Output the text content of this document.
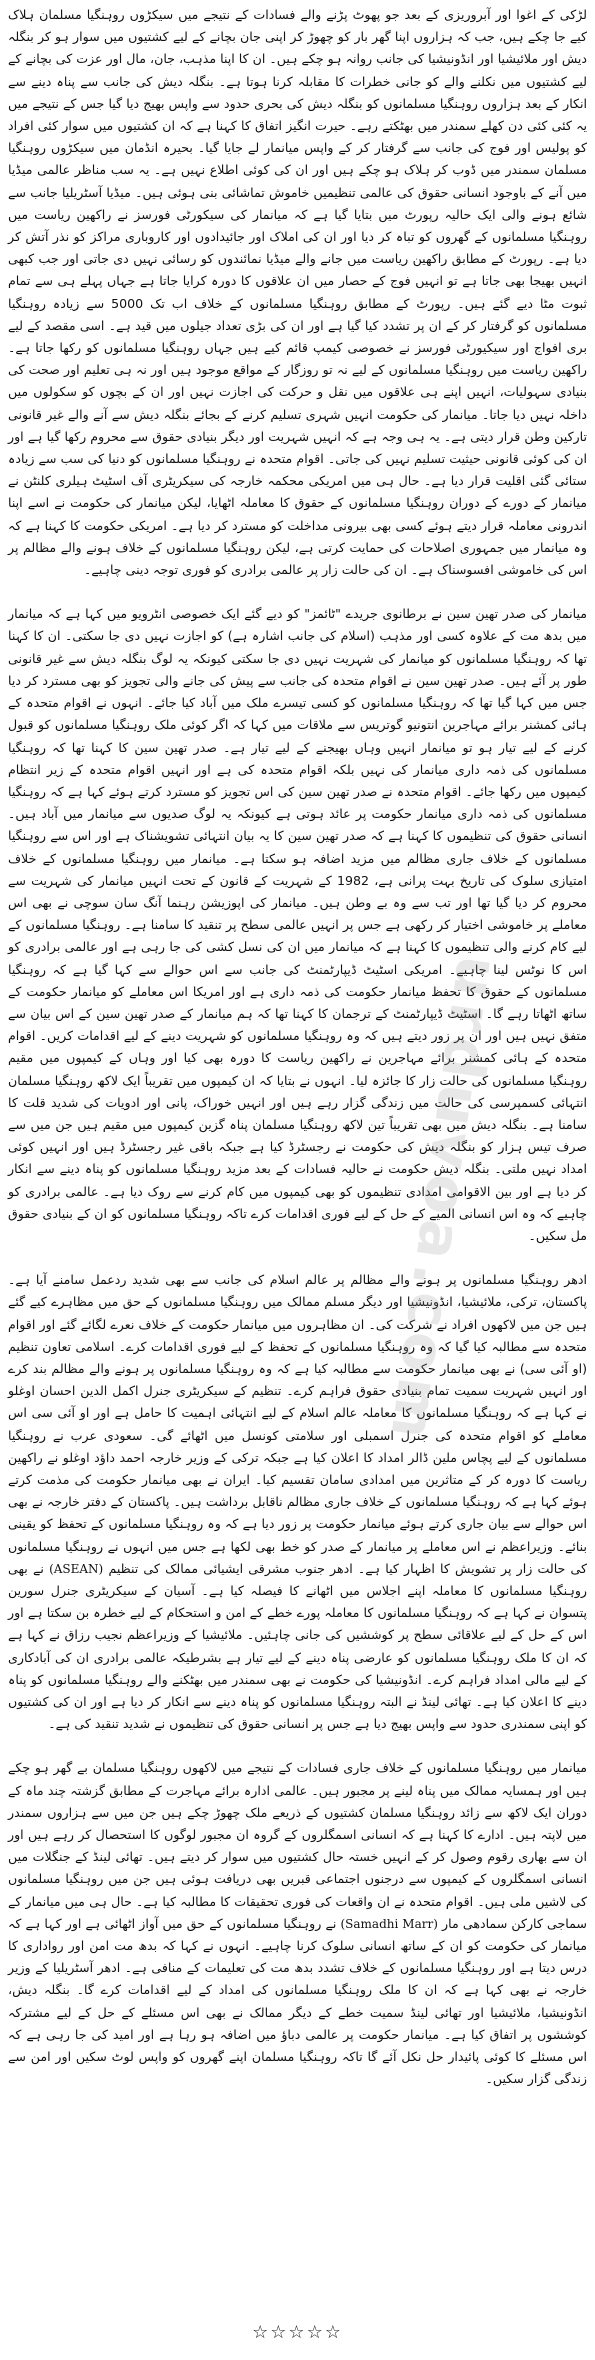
urduvoa.com

لڑکی کے اغوا اور آبروریزی کے بعد جو پھوٹ پڑنے والے فسادات کے نتیجے میں سیکڑوں روہنگیا مسلمان ہلاک کیے جا چکے ہیں، جب کہ ہزاروں اپنا گھر بار کو چھوڑ کر اپنی جان بچانے کے لیے کشتیوں میں سوار ہو کر بنگلہ دیش اور ملائیشیا اور انڈونیشیا کی جانب روانہ ہو چکے ہیں۔ ان کا اپنا مذہب، جان، مال اور عزت کی بچانے کے لیے کشتیوں میں نکلنے والے کو جانی خطرات کا مقابلہ کرنا ہوتا ہے۔ بنگلہ دیش کی جانب سے پناہ دینے سے انکار کے بعد ہزاروں روہنگیا مسلمانوں کو بنگلہ دیش کی بحری حدود سے واپس بھیج دیا گیا جس کے نتیجے میں یہ کئی کئی دن کھلے سمندر میں بھٹکتے رہے۔ حیرت انگیز اتفاق کا کہنا ہے کہ ان کشتیوں میں سوار کئی افراد کو پولیس اور فوج کی جانب سے گرفتار کر کے واپس میانمار لے جایا گیا۔ بحیرہ انڈمان میں سیکڑوں روہنگیا مسلمان سمندر میں ڈوب کر ہلاک ہو چکے ہیں اور ان کی کوئی اطلاع نہیں ہے۔ یہ سب مناظر عالمی میڈیا میں آنے کے باوجود انسانی حقوق کی عالمی تنظیمیں خاموش تماشائی بنی ہوئی ہیں۔ میڈیا آسٹریلیا جانب سے شائع ہونے والی ایک حالیہ رپورٹ میں بتایا گیا ہے کہ میانمار کی سیکورٹی فورسز نے راکھین ریاست میں روہنگیا مسلمانوں کے گھروں کو تباہ کر دیا اور ان کی املاک اور جائیدادوں اور کاروباری مراکز کو نذر آتش کر دیا ہے۔ رپورٹ کے مطابق راکھین ریاست میں جانے والے میڈیا نمائندوں کو رسائی نہیں دی جاتی اور جب کبھی انہیں بھیجا بھی جاتا ہے تو انہیں فوج کے حصار میں ان علاقوں کا دورہ کرایا جاتا ہے جہاں پہلے ہی سے تمام ثبوت مٹا دیے گئے ہیں۔ رپورٹ کے مطابق روہنگیا مسلمانوں کے خلاف اب تک 5000 سے زیادہ روہنگیا مسلمانوں کو گرفتار کر کے ان پر تشدد کیا گیا ہے اور ان کی بڑی تعداد جیلوں میں قید ہے۔ اسی مقصد کے لیے بری افواج اور سیکیورٹی فورسز نے خصوصی کیمپ قائم کیے ہیں جہاں روہنگیا مسلمانوں کو رکھا جاتا ہے۔ راکھین ریاست میں روہنگیا مسلمانوں کے لیے نہ تو روزگار کے مواقع موجود ہیں اور نہ ہی تعلیم اور صحت کی بنیادی سہولیات، انہیں اپنے ہی علاقوں میں نقل و حرکت کی اجازت نہیں اور ان کے بچوں کو سکولوں میں داخلہ نہیں دیا جاتا۔ میانمار کی حکومت انہیں شہری تسلیم کرنے کے بجائے بنگلہ دیش سے آنے والے غیر قانونی تارکین وطن قرار دیتی ہے۔ یہ ہی وجہ ہے کہ انہیں شہریت اور دیگر بنیادی حقوق سے محروم رکھا گیا ہے اور ان کی کوئی قانونی حیثیت تسلیم نہیں کی جاتی۔ اقوام متحدہ نے روہنگیا مسلمانوں کو دنیا کی سب سے زیادہ ستائی گئی اقلیت قرار دیا ہے۔ حال ہی میں امریکی محکمہ خارجہ کی سیکریٹری آف اسٹیٹ ہیلری کلنٹن نے میانمار کے دورے کے دوران روہنگیا مسلمانوں کے حقوق کا معاملہ اٹھایا، لیکن میانمار کی حکومت نے اسے اپنا اندرونی معاملہ قرار دیتے ہوئے کسی بھی بیرونی مداخلت کو مسترد کر دیا ہے۔ امریکی حکومت کا کہنا ہے کہ وہ میانمار میں جمہوری اصلاحات کی حمایت کرتی ہے، لیکن روہنگیا مسلمانوں کے خلاف ہونے والے مظالم پر اس کی خاموشی افسوسناک ہے۔ ان کی حالت زار پر عالمی برادری کو فوری توجہ دینی چاہیے۔

میانمار کی صدر تھین سین نے برطانوی جریدے "ٹائمز" کو دیے گئے ایک خصوصی انٹرویو میں کہا ہے کہ میانمار میں بدھ مت کے علاوہ کسی اور مذہب (اسلام کی جانب اشارہ ہے) کو اجازت نہیں دی جا سکتی۔ ان کا کہنا تھا کہ روہنگیا مسلمانوں کو میانمار کی شہریت نہیں دی جا سکتی کیونکہ یہ لوگ بنگلہ دیش سے غیر قانونی طور پر آئے ہیں۔ صدر تھین سین نے اقوام متحدہ کی جانب سے پیش کی جانے والی تجویز کو بھی مسترد کر دیا جس میں کہا گیا تھا کہ روہنگیا مسلمانوں کو کسی تیسرے ملک میں آباد کیا جائے۔ انہوں نے اقوام متحدہ کے ہائی کمشنر برائے مہاجرین انتونیو گوتریس سے ملاقات میں کہا کہ اگر کوئی ملک روہنگیا مسلمانوں کو قبول کرنے کے لیے تیار ہو تو میانمار انہیں وہاں بھیجنے کے لیے تیار ہے۔ صدر تھین سین کا کہنا تھا کہ روہنگیا مسلمانوں کی ذمہ داری میانمار کی نہیں بلکہ اقوام متحدہ کی ہے اور انہیں اقوام متحدہ کے زیر انتظام کیمپوں میں رکھا جائے۔ اقوام متحدہ نے صدر تھین سین کی اس تجویز کو مسترد کرتے ہوئے کہا ہے کہ روہنگیا مسلمانوں کی ذمہ داری میانمار حکومت پر عائد ہوتی ہے کیونکہ یہ لوگ صدیوں سے میانمار میں آباد ہیں۔ انسانی حقوق کی تنظیموں کا کہنا ہے کہ صدر تھین سین کا یہ بیان انتہائی تشویشناک ہے اور اس سے روہنگیا مسلمانوں کے خلاف جاری مظالم میں مزید اضافہ ہو سکتا ہے۔ میانمار میں روہنگیا مسلمانوں کے خلاف امتیازی سلوک کی تاریخ بہت پرانی ہے، 1982 کے شہریت کے قانون کے تحت انہیں میانمار کی شہریت سے محروم کر دیا گیا تھا اور تب سے وہ بے وطن ہیں۔ میانمار کی اپوزیشن رہنما آنگ سان سوچی نے بھی اس معاملے پر خاموشی اختیار کر رکھی ہے جس پر انہیں عالمی سطح پر تنقید کا سامنا ہے۔ روہنگیا مسلمانوں کے لیے کام کرنے والی تنظیموں کا کہنا ہے کہ میانمار میں ان کی نسل کشی کی جا رہی ہے اور عالمی برادری کو اس کا نوٹس لینا چاہیے۔ امریکی اسٹیٹ ڈیپارٹمنٹ کی جانب سے اس حوالے سے کہا گیا ہے کہ روہنگیا مسلمانوں کے حقوق کا تحفظ میانمار حکومت کی ذمہ داری ہے اور امریکا اس معاملے کو میانمار حکومت کے ساتھ اٹھاتا رہے گا۔ اسٹیٹ ڈیپارٹمنٹ کے ترجمان کا کہنا تھا کہ ہم میانمار کے صدر تھین سین کے اس بیان سے متفق نہیں ہیں اور ان پر زور دیتے ہیں کہ وہ روہنگیا مسلمانوں کو شہریت دینے کے لیے اقدامات کریں۔ اقوام متحدہ کے ہائی کمشنر برائے مہاجرین نے راکھین ریاست کا دورہ بھی کیا اور وہاں کے کیمپوں میں مقیم روہنگیا مسلمانوں کی حالت زار کا جائزہ لیا۔ انہوں نے بتایا کہ ان کیمپوں میں تقریباً ایک لاکھ روہنگیا مسلمان انتہائی کسمپرسی کی حالت میں زندگی گزار رہے ہیں اور انہیں خوراک، پانی اور ادویات کی شدید قلت کا سامنا ہے۔ بنگلہ دیش میں بھی تقریباً تین لاکھ روہنگیا مسلمان پناہ گزین کیمپوں میں مقیم ہیں جن میں سے صرف تیس ہزار کو بنگلہ دیش کی حکومت نے رجسٹرڈ کیا ہے جبکہ باقی غیر رجسٹرڈ ہیں اور انہیں کوئی امداد نہیں ملتی۔ بنگلہ دیش حکومت نے حالیہ فسادات کے بعد مزید روہنگیا مسلمانوں کو پناہ دینے سے انکار کر دیا ہے اور بین الاقوامی امدادی تنظیموں کو بھی کیمپوں میں کام کرنے سے روک دیا ہے۔ عالمی برادری کو چاہیے کہ وہ اس انسانی المیے کے حل کے لیے فوری اقدامات کرے تاکہ روہنگیا مسلمانوں کو ان کے بنیادی حقوق مل سکیں۔

ادھر روہنگیا مسلمانوں پر ہونے والے مظالم پر عالم اسلام کی جانب سے بھی شدید ردعمل سامنے آیا ہے۔ پاکستان، ترکی، ملائیشیا، انڈونیشیا اور دیگر مسلم ممالک میں روہنگیا مسلمانوں کے حق میں مظاہرے کیے گئے ہیں جن میں لاکھوں افراد نے شرکت کی۔ ان مظاہروں میں میانمار حکومت کے خلاف نعرے لگائے گئے اور اقوام متحدہ سے مطالبہ کیا گیا کہ وہ روہنگیا مسلمانوں کے تحفظ کے لیے فوری اقدامات کرے۔ اسلامی تعاون تنظیم (او آئی سی) نے بھی میانمار حکومت سے مطالبہ کیا ہے کہ وہ روہنگیا مسلمانوں پر ہونے والے مظالم بند کرے اور انہیں شہریت سمیت تمام بنیادی حقوق فراہم کرے۔ تنظیم کے سیکریٹری جنرل اکمل الدین احسان اوغلو نے کہا ہے کہ روہنگیا مسلمانوں کا معاملہ عالم اسلام کے لیے انتہائی اہمیت کا حامل ہے اور او آئی سی اس معاملے کو اقوام متحدہ کی جنرل اسمبلی اور سلامتی کونسل میں اٹھائے گی۔ سعودی عرب نے روہنگیا مسلمانوں کے لیے پچاس ملین ڈالر امداد کا اعلان کیا ہے جبکہ ترکی کے وزیر خارجہ احمد داؤد اوغلو نے راکھین ریاست کا دورہ کر کے متاثرین میں امدادی سامان تقسیم کیا۔ ایران نے بھی میانمار حکومت کی مذمت کرتے ہوئے کہا ہے کہ روہنگیا مسلمانوں کے خلاف جاری مظالم ناقابل برداشت ہیں۔ پاکستان کے دفتر خارجہ نے بھی اس حوالے سے بیان جاری کرتے ہوئے میانمار حکومت پر زور دیا ہے کہ وہ روہنگیا مسلمانوں کے تحفظ کو یقینی بنائے۔ وزیراعظم نے اس معاملے پر میانمار کے صدر کو خط بھی لکھا ہے جس میں انہوں نے روہنگیا مسلمانوں کی حالت زار پر تشویش کا اظہار کیا ہے۔ ادھر جنوب مشرقی ایشیائی ممالک کی تنظیم (ASEAN) نے بھی روہنگیا مسلمانوں کا معاملہ اپنے اجلاس میں اٹھانے کا فیصلہ کیا ہے۔ آسیان کے سیکریٹری جنرل سورین پتسوان نے کہا ہے کہ روہنگیا مسلمانوں کا معاملہ پورے خطے کے امن و استحکام کے لیے خطرہ بن سکتا ہے اور اس کے حل کے لیے علاقائی سطح پر کوششیں کی جانی چاہئیں۔ ملائیشیا کے وزیراعظم نجیب رزاق نے کہا ہے کہ ان کا ملک روہنگیا مسلمانوں کو عارضی پناہ دینے کے لیے تیار ہے بشرطیکہ عالمی برادری ان کی آبادکاری کے لیے مالی امداد فراہم کرے۔ انڈونیشیا کی حکومت نے بھی سمندر میں بھٹکنے والے روہنگیا مسلمانوں کو پناہ دینے کا اعلان کیا ہے۔ تھائی لینڈ نے البتہ روہنگیا مسلمانوں کو پناہ دینے سے انکار کر دیا ہے اور ان کی کشتیوں کو اپنی سمندری حدود سے واپس بھیج دیا ہے جس پر انسانی حقوق کی تنظیموں نے شدید تنقید کی ہے۔

میانمار میں روہنگیا مسلمانوں کے خلاف جاری فسادات کے نتیجے میں لاکھوں روہنگیا مسلمان بے گھر ہو چکے ہیں اور ہمسایہ ممالک میں پناہ لینے پر مجبور ہیں۔ عالمی ادارہ برائے مہاجرت کے مطابق گزشتہ چند ماہ کے دوران ایک لاکھ سے زائد روہنگیا مسلمان کشتیوں کے ذریعے ملک چھوڑ چکے ہیں جن میں سے ہزاروں سمندر میں لاپتہ ہیں۔ ادارے کا کہنا ہے کہ انسانی اسمگلروں کے گروہ ان مجبور لوگوں کا استحصال کر رہے ہیں اور ان سے بھاری رقوم وصول کر کے انہیں خستہ حال کشتیوں میں سوار کر دیتے ہیں۔ تھائی لینڈ کے جنگلات میں انسانی اسمگلروں کے کیمپوں سے درجنوں اجتماعی قبریں بھی دریافت ہوئی ہیں جن میں روہنگیا مسلمانوں کی لاشیں ملی ہیں۔ اقوام متحدہ نے ان واقعات کی فوری تحقیقات کا مطالبہ کیا ہے۔ حال ہی میں میانمار کے سماجی کارکن سمادھی مار (Samadhi Marr) نے روہنگیا مسلمانوں کے حق میں آواز اٹھائی ہے اور کہا ہے کہ میانمار کی حکومت کو ان کے ساتھ انسانی سلوک کرنا چاہیے۔ انہوں نے کہا کہ بدھ مت امن اور رواداری کا درس دیتا ہے اور روہنگیا مسلمانوں کے خلاف تشدد بدھ مت کی تعلیمات کے منافی ہے۔ ادھر آسٹریلیا کے وزیر خارجہ نے بھی کہا ہے کہ ان کا ملک روہنگیا مسلمانوں کی امداد کے لیے اقدامات کرے گا۔ بنگلہ دیش، انڈونیشیا، ملائیشیا اور تھائی لینڈ سمیت خطے کے دیگر ممالک نے بھی اس مسئلے کے حل کے لیے مشترکہ کوششوں پر اتفاق کیا ہے۔ میانمار حکومت پر عالمی دباؤ میں اضافہ ہو رہا ہے اور امید کی جا رہی ہے کہ اس مسئلے کا کوئی پائیدار حل نکل آئے گا تاکہ روہنگیا مسلمان اپنے گھروں کو واپس لوٹ سکیں اور امن سے زندگی گزار سکیں۔

☆☆☆☆☆
